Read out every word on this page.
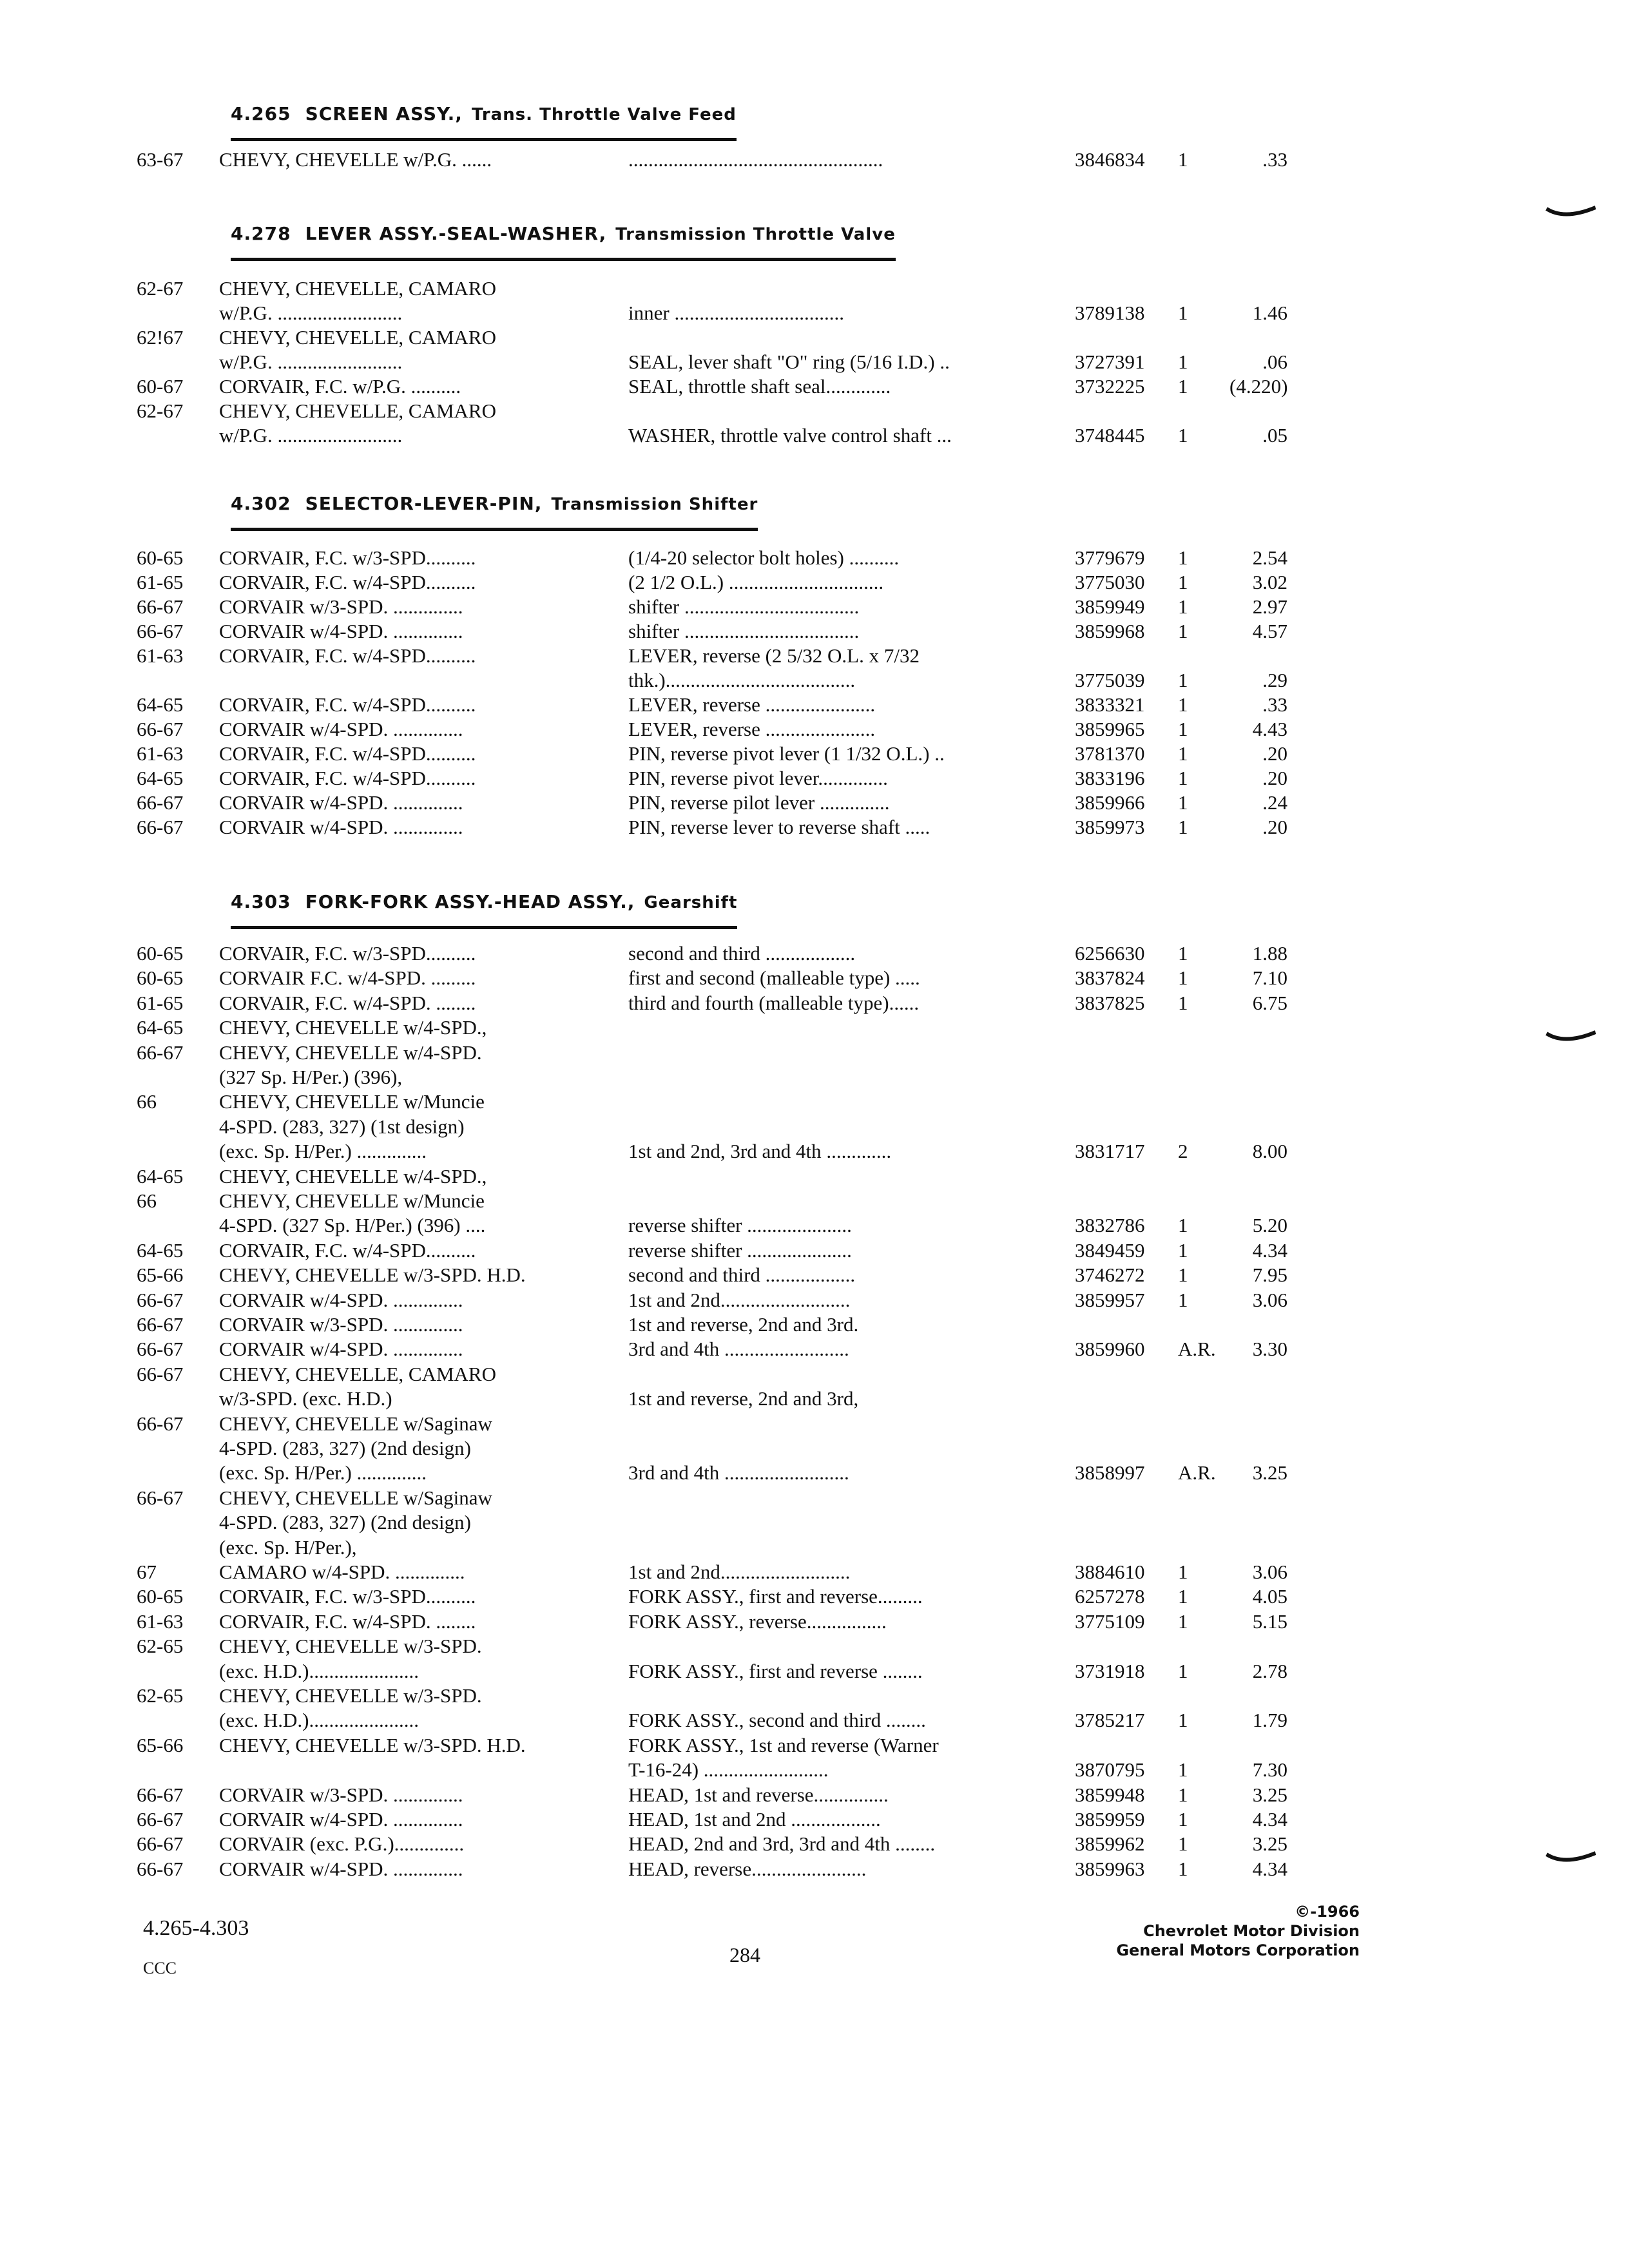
4.265 SCREEN ASSY., Trans. Throttle Valve Feed
63-67 CHEVY, CHEVELLE w/P.G. ......	...................................................	3846834 1	.33
4.278 LEVER ASSY.-SEAL-WASHER, Transmission Throttle Valve
62-67 CHEVY, CHEVELLE, CAMARO
w/P.G. .........................	inner ..................................	3789138 1	1.46
62!67 CHEVY, CHEVELLE, CAMARO
w/P.G. .........................	SEAL, lever shaft "O" ring (5/16 I.D.) ..	3727391 1	.06
60-67 CORVAIR, F.C. w/P.G. ..........	SEAL, throttle shaft seal.............	3732225 1 (4.220)
62-67 CHEVY, CHEVELLE, CAMARO
w/P.G. .........................	WASHER, throttle valve control shaft ...	3748445 1	.05
4.302 SELECTOR-LEVER-PIN, Transmission Shifter
60-65 CORVAIR, F.C. w/3-SPD..........	(1/4-20 selector bolt holes) ..........	3779679 1	2.54
61-65 CORVAIR, F.C. w/4-SPD..........	(2 1/2 O.L.) ...............................	3775030 1	3.02
66-67 CORVAIR w/3-SPD. ..............	shifter ...................................	3859949 1	2.97
66-67 CORVAIR w/4-SPD. ..............	shifter ...................................	3859968 1	4.57
61-63 CORVAIR, F.C. w/4-SPD..........	LEVER, reverse (2 5/32 O.L. x 7/32
thk.)......................................	3775039 1	.29
64-65 CORVAIR, F.C. w/4-SPD..........	LEVER, reverse ......................	3833321 1	.33
66-67 CORVAIR w/4-SPD. ..............	LEVER, reverse ......................	3859965 1	4.43
61-63 CORVAIR, F.C. w/4-SPD..........	PIN, reverse pivot lever (1 1/32 O.L.) ..	3781370 1	.20
64-65 CORVAIR, F.C. w/4-SPD..........	PIN, reverse pivot lever..............	3833196 1	.20
66-67 CORVAIR w/4-SPD. ..............	PIN, reverse pilot lever ..............	3859966 1	.24
66-67 CORVAIR w/4-SPD. ..............	PIN, reverse lever to reverse shaft .....	3859973 1	.20
4.303 FORK-FORK ASSY.-HEAD ASSY., Gearshift
60-65 CORVAIR, F.C. w/3-SPD..........	second and third ..................	6256630 1	1.88
60-65 CORVAIR F.C. w/4-SPD. .........	first and second (malleable type) .....	3837824 1	7.10
61-65 CORVAIR, F.C. w/4-SPD. ........	third and fourth (malleable type)......	3837825 1	6.75
64-65 CHEVY, CHEVELLE w/4-SPD.,
66-67 CHEVY, CHEVELLE w/4-SPD.
(327 Sp. H/Per.) (396),
66	CHEVY, CHEVELLE w/Muncie
4-SPD. (283, 327) (1st design)
(exc. Sp. H/Per.) ..............	1st and 2nd, 3rd and 4th .............	3831717 2	8.00
64-65 CHEVY, CHEVELLE w/4-SPD.,
66	CHEVY, CHEVELLE w/Muncie
4-SPD. (327 Sp. H/Per.) (396) ....	reverse shifter .....................	3832786 1	5.20
64-65 CORVAIR, F.C. w/4-SPD..........	reverse shifter .....................	3849459 1	4.34
65-66 CHEVY, CHEVELLE w/3-SPD. H.D.	second and third ..................	3746272 1	7.95
66-67 CORVAIR w/4-SPD. ..............	1st and 2nd..........................	3859957 1	3.06
66-67 CORVAIR w/3-SPD. ..............	1st and reverse, 2nd and 3rd.
66-67 CORVAIR w/4-SPD. ..............	3rd and 4th .........................	3859960 A.R.	3.30
66-67 CHEVY, CHEVELLE, CAMARO
w/3-SPD. (exc. H.D.)	1st and reverse, 2nd and 3rd,
66-67 CHEVY, CHEVELLE w/Saginaw
4-SPD. (283, 327) (2nd design)
(exc. Sp. H/Per.) ..............	3rd and 4th .........................	3858997 A.R.	3.25
66-67 CHEVY, CHEVELLE w/Saginaw
4-SPD. (283, 327) (2nd design)
(exc. Sp. H/Per.),
67	CAMARO w/4-SPD. ..............	1st and 2nd..........................	3884610 1	3.06
60-65 CORVAIR, F.C. w/3-SPD..........	FORK ASSY., first and reverse.........	6257278 1	4.05
61-63 CORVAIR, F.C. w/4-SPD. ........	FORK ASSY., reverse................	3775109 1	5.15
62-65 CHEVY, CHEVELLE w/3-SPD.
(exc. H.D.)......................	FORK ASSY., first and reverse ........	3731918 1	2.78
62-65 CHEVY, CHEVELLE w/3-SPD.
(exc. H.D.)......................	FORK ASSY., second and third ........	3785217 1	1.79
65-66 CHEVY, CHEVELLE w/3-SPD. H.D.	FORK ASSY., 1st and reverse (Warner
T-16-24) .........................	3870795 1	7.30
66-67 CORVAIR w/3-SPD. ..............	HEAD, 1st and reverse...............	3859948 1	3.25
66-67 CORVAIR w/4-SPD. ..............	HEAD, 1st and 2nd ..................	3859959 1	4.34
66-67 CORVAIR (exc. P.G.)..............	HEAD, 2nd and 3rd, 3rd and 4th ........	3859962 1	3.25
66-67 CORVAIR w/4-SPD. ..............	HEAD, reverse.......................	3859963 1	4.34
4.265-4.303
CCC
284
©-1966
Chevrolet Motor Division
General Motors Corporation
